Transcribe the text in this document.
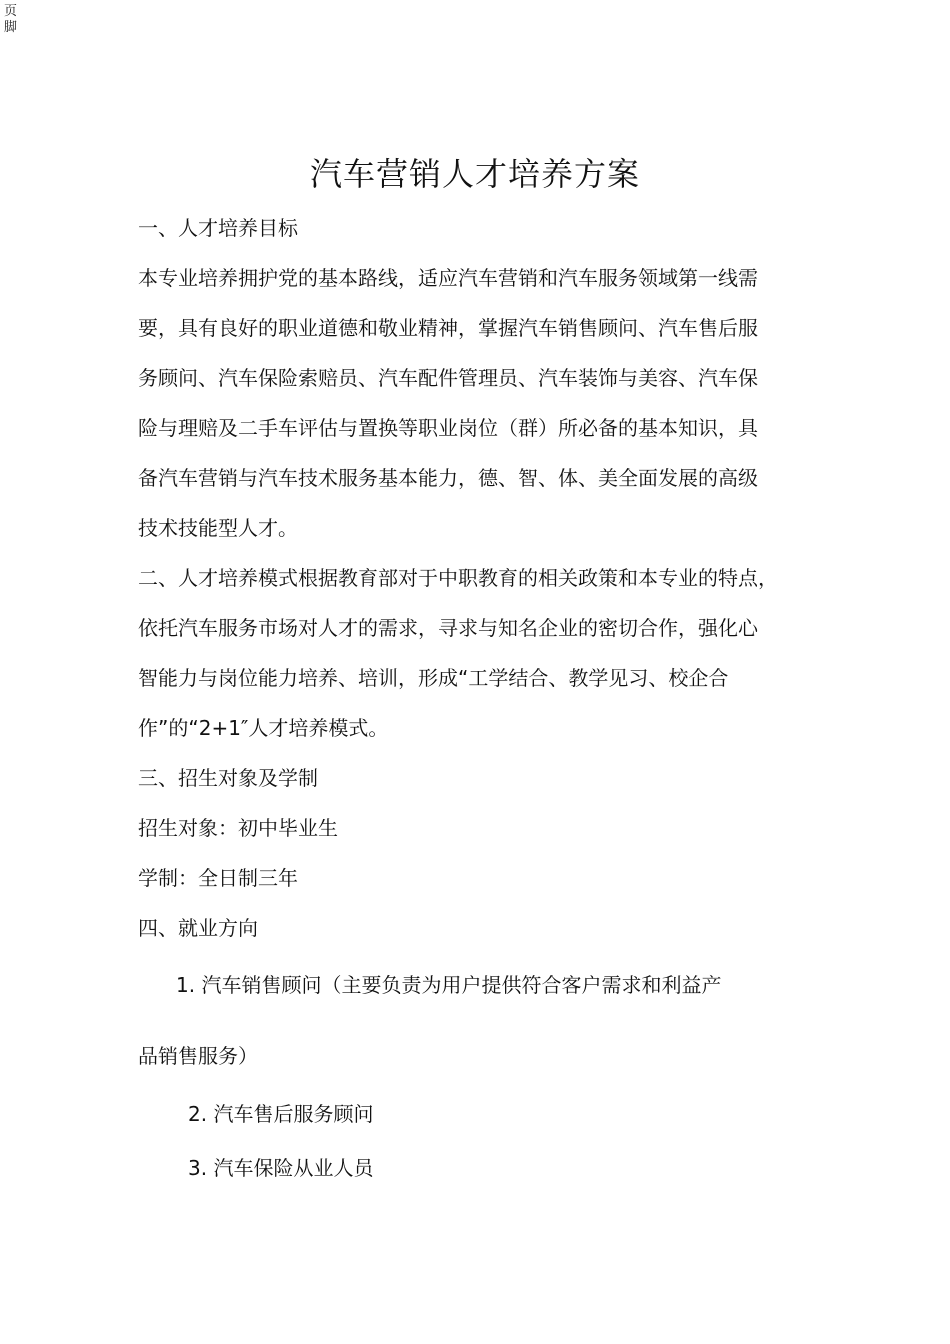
页脚
汽车营销人才培养方案
一、人才培养目标
本专业培养拥护党的基本路线，适应汽车营销和汽车服务领域第一线需
要，具有良好的职业道德和敬业精神，掌握汽车销售顾问、汽车售后服
务顾问、汽车保险索赔员、汽车配件管理员、汽车装饰与美容、汽车保
险与理赔及二手车评估与置换等职业岗位（群）所必备的基本知识，具
备汽车营销与汽车技术服务基本能力，德、智、体、美全面发展的高级
技术技能型人才。
二、人才培养模式根据教育部对于中职教育的相关政策和本专业的特点，
依托汽车服务市场对人才的需求，寻求与知名企业的密切合作，强化心
智能力与岗位能力培养、培训，形成“工学结合、教学见习、校企合
作”的“2+1″人才培养模式。
三、招生对象及学制
招生对象：初中毕业生
学制：全日制三年
四、就业方向
1. 汽车销售顾问（主要负责为用户提供符合客户需求和利益产
品销售服务）
2. 汽车售后服务顾问
3. 汽车保险从业人员
